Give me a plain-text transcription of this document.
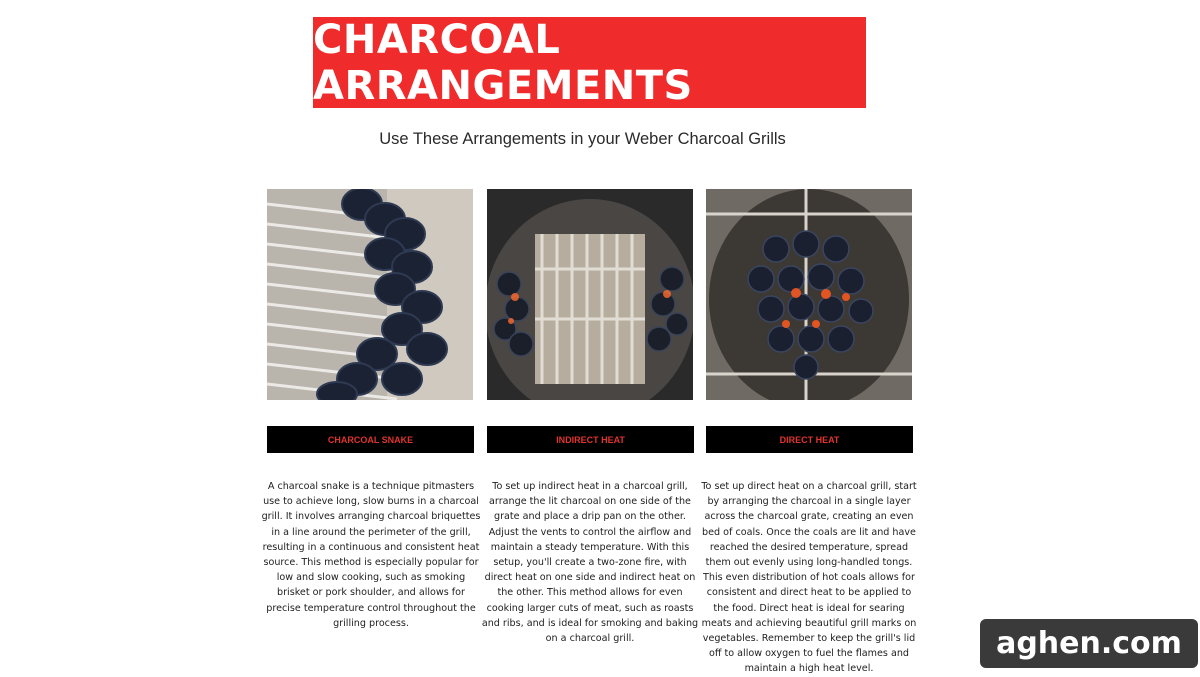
CHARCOAL ARRANGEMENTS
Use These Arrangements in your Weber Charcoal Grills
CHARCOAL SNAKE	INDIRECT HEAT	DIRECT HEAT
A charcoal snake is a technique pitmasters use to achieve long, slow burns in a charcoal grill. It involves arranging charcoal briquettes in a line around the perimeter of the grill, resulting in a continuous and consistent heat source. This method is especially popular for low and slow cooking, such as smoking brisket or pork shoulder, and allows for precise temperature control throughout the grilling process.
To set up indirect heat in a charcoal grill, arrange the lit charcoal on one side of the grate and place a drip pan on the other. Adjust the vents to control the airflow and maintain a steady temperature. With this setup, you'll create a two-zone fire, with direct heat on one side and indirect heat on the other. This method allows for even cooking larger cuts of meat, such as roasts and ribs, and is ideal for smoking and baking on a charcoal grill.
To set up direct heat on a charcoal grill, start by arranging the charcoal in a single layer across the charcoal grate, creating an even bed of coals. Once the coals are lit and have reached the desired temperature, spread them out evenly using long-handled tongs. This even distribution of hot coals allows for consistent and direct heat to be applied to the food. Direct heat is ideal for searing meats and achieving beautiful grill marks on vegetables. Remember to keep the grill's lid off to allow oxygen to fuel the flames and maintain a high heat level.
aghen.com
